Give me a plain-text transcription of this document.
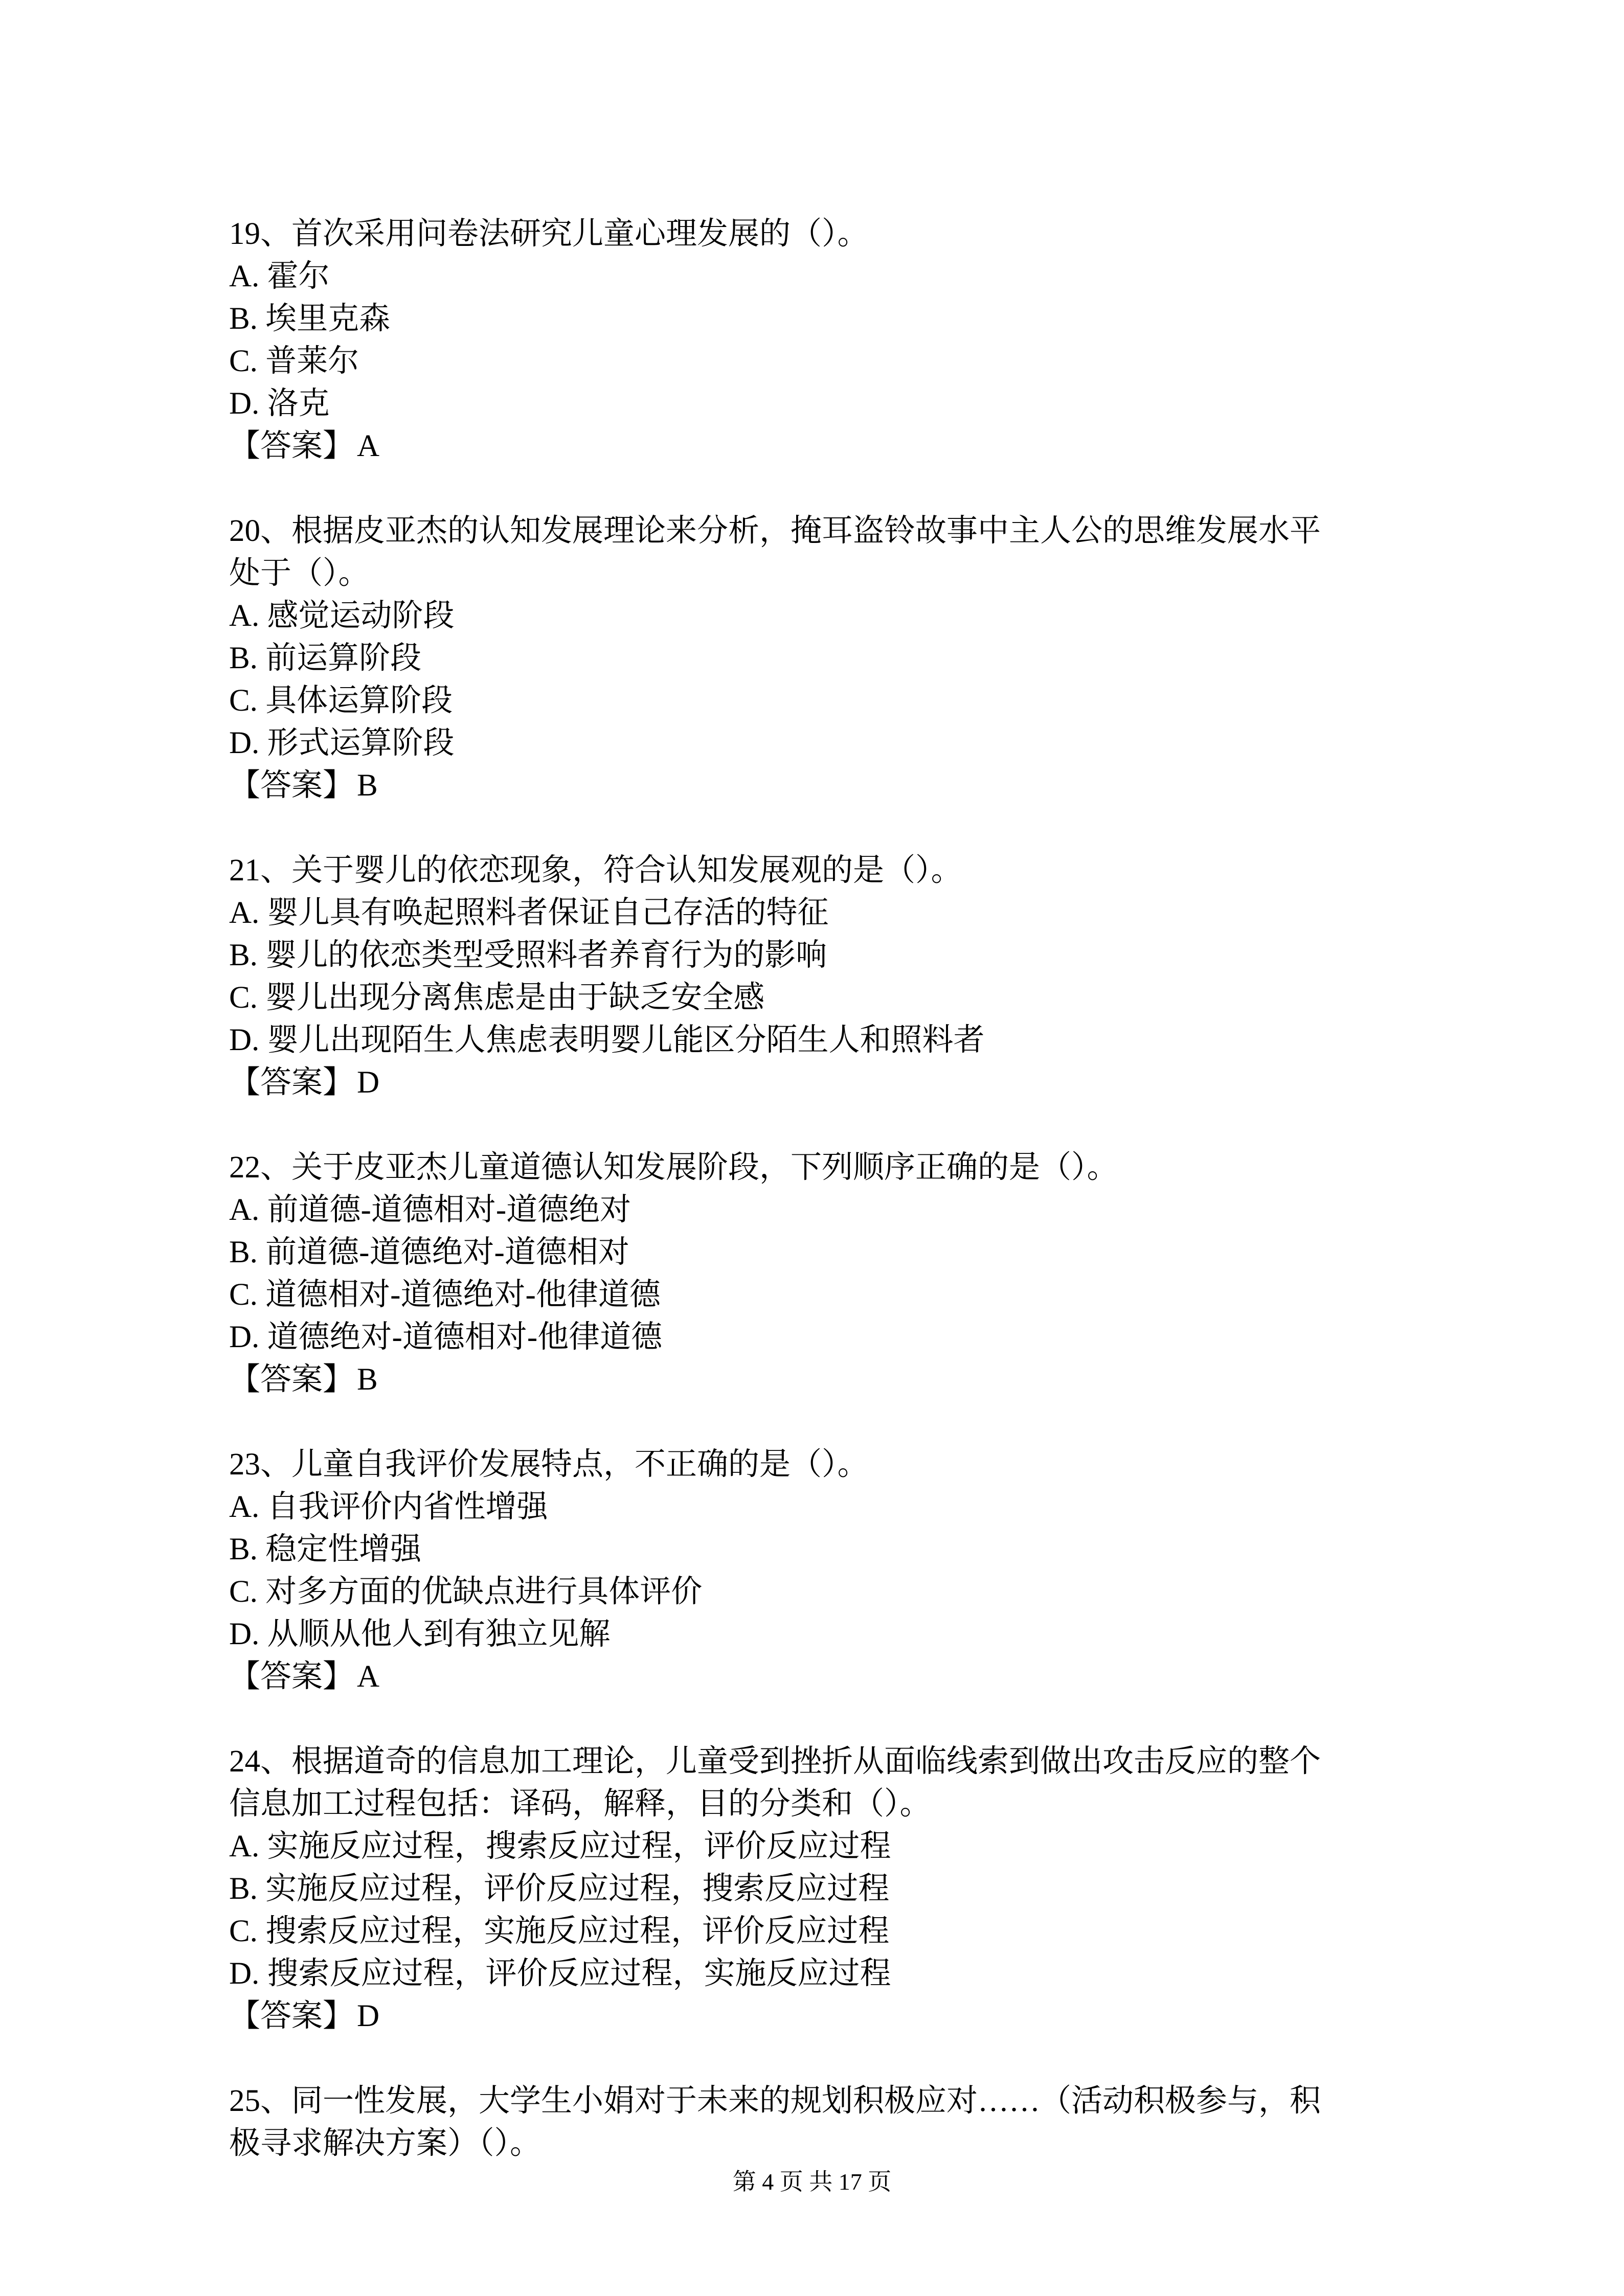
19、首次采用问卷法研究儿童心理发展的（）。

A. 霍尔

B. 埃里克森

C. 普莱尔

D. 洛克

【答案】A

20、根据皮亚杰的认知发展理论来分析，掩耳盗铃故事中主人公的思维发展水平

处于（）。

A. 感觉运动阶段

B. 前运算阶段

C. 具体运算阶段

D. 形式运算阶段

【答案】B

21、关于婴儿的依恋现象，符合认知发展观的是（）。

A. 婴儿具有唤起照料者保证自己存活的特征

B. 婴儿的依恋类型受照料者养育行为的影响

C. 婴儿出现分离焦虑是由于缺乏安全感

D. 婴儿出现陌生人焦虑表明婴儿能区分陌生人和照料者

【答案】D

22、关于皮亚杰儿童道德认知发展阶段，下列顺序正确的是（）。

A. 前道德-道德相对-道德绝对

B. 前道德-道德绝对-道德相对

C. 道德相对-道德绝对-他律道德

D. 道德绝对-道德相对-他律道德

【答案】B

23、儿童自我评价发展特点，不正确的是（）。

A. 自我评价内省性增强

B. 稳定性增强

C. 对多方面的优缺点进行具体评价

D. 从顺从他人到有独立见解

【答案】A

24、根据道奇的信息加工理论，儿童受到挫折从面临线索到做出攻击反应的整个

信息加工过程包括：译码，解释，目的分类和（）。

A. 实施反应过程，搜索反应过程，评价反应过程

B. 实施反应过程，评价反应过程，搜索反应过程

C. 搜索反应过程，实施反应过程，评价反应过程

D. 搜索反应过程，评价反应过程，实施反应过程

【答案】D

25、同一性发展，大学生小娟对于未来的规划积极应对……（活动积极参与，积

极寻求解决方案）（）。

第 4 页 共 17 页
